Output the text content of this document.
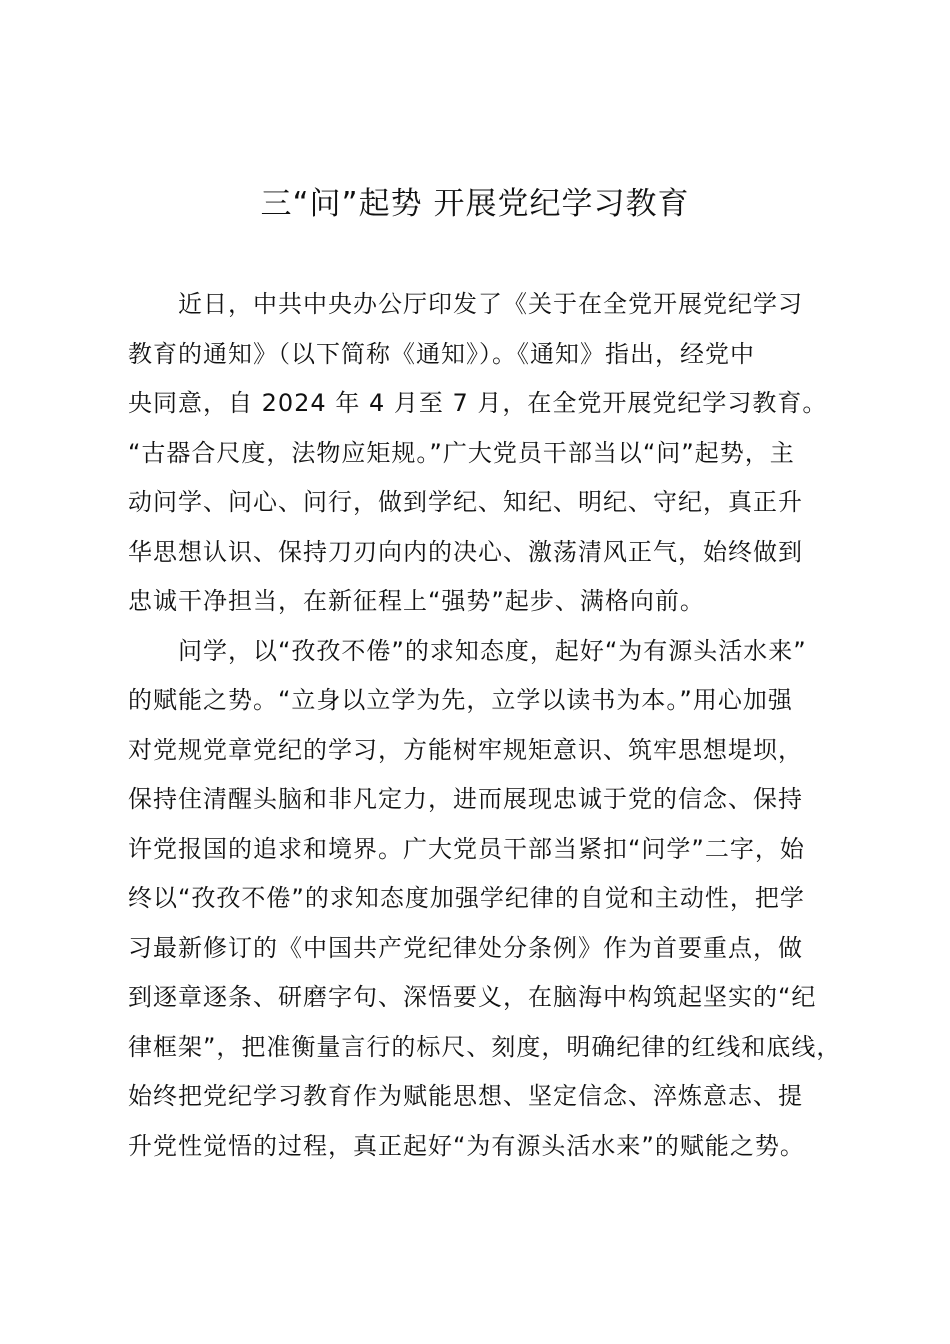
三“问”起势 开展党纪学习教育

近日，中共中央办公厅印发了《关于在全党开展党纪学习
教育的通知》（以下简称《通知》）。《通知》指出，经党中
央同意，自 2024 年 4 月至 7 月，在全党开展党纪学习教育。
“古器合尺度，法物应矩规。”广大党员干部当以“问”起势，主
动问学、问心、问行，做到学纪、知纪、明纪、守纪，真正升
华思想认识、保持刀刃向内的决心、激荡清风正气，始终做到
忠诚干净担当，在新征程上“强势”起步、满格向前。

问学，以“孜孜不倦”的求知态度，起好“为有源头活水来”
的赋能之势。“立身以立学为先，立学以读书为本。”用心加强
对党规党章党纪的学习，方能树牢规矩意识、筑牢思想堤坝，
保持住清醒头脑和非凡定力，进而展现忠诚于党的信念、保持
许党报国的追求和境界。广大党员干部当紧扣“问学”二字，始
终以“孜孜不倦”的求知态度加强学纪律的自觉和主动性，把学
习最新修订的《中国共产党纪律处分条例》作为首要重点，做
到逐章逐条、研磨字句、深悟要义，在脑海中构筑起坚实的“纪
律框架”，把准衡量言行的标尺、刻度，明确纪律的红线和底线，
始终把党纪学习教育作为赋能思想、坚定信念、淬炼意志、提
升党性觉悟的过程，真正起好“为有源头活水来”的赋能之势。
